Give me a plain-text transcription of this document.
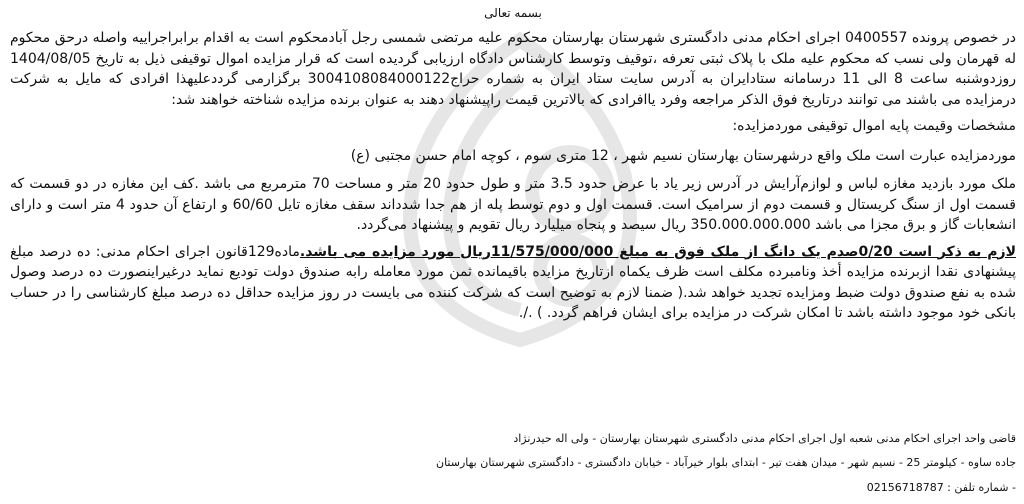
بسمه تعالی

در خصوص پرونده 0400557 اجرای احکام مدنی دادگستری شهرستان بهارستان محکوم علیه مرتضی شمسی رجل آبادمحکوم است به اقدام برابراجراییه واصله درحق محکوم له قهرمان ولی نسب که محکوم علیه ملک با پلاک ثبتی تعرفه ،توقیف وتوسط کارشناس دادگاه ارزیابی گردیده است که قرار مزایده اموال توقیفی ذیل به تاریخ 1404/08/05 روزدوشنبه ساعت 8 الی 11 درسامانه ستادایران به آدرس سایت ستاد ایران به شماره حراج3004108084000122 برگزارمی گرددعلیهذا افرادی که مایل به شرکت درمزایده می باشند می توانند درتاریخ فوق الذکر مراجعه وفرد یاافرادی که بالاترین قیمت راپیشنهاد دهند به عنوان برنده مزایده شناخته خواهند شد:

مشخصات وقیمت پایه اموال توقیفی موردمزایده:
موردمزایده عبارت است ملک واقع درشهرستان بهارستان نسیم شهر ، 12 متری سوم ، کوچه امام حسن مجتبی (ع)

ملک مورد بازدید مغازه لباس و لوازم‌آرایش در آدرس زیر یاد با عرض حدود 3.5 متر و طول حدود 20 متر و مساحت 70 مترمربع می باشد .کف این مغازه در دو قسمت که قسمت اول از سنگ کریستال و قسمت دوم از سرامیک است. قسمت اول و دوم توسط پله از هم جدا شدداند سقف مغازه تایل 60/60 و ارتفاع آن حدود 4 متر است و دارای انشعابات گاز و برق مجزا می باشد 350.000.000.000 ریال سیصد و پنجاه میلیارد ریال تقویم و پیشنهاد می‌گردد.

لازم به ذکر است 0/20صدم یک دانگ از ملک فوق به مبلغ 11/575/000/000ریال مورد مزایده می باشد.ماده129قانون اجرای احکام مدنی: ده درصد مبلغ پیشنهادی نقدا ازبرنده مزایده أخذ ونامبرده مکلف است ظرف یکماه ازتاریخ مزایده باقیمانده ثمن مورد معامله رابه صندوق دولت تودیع نماید درغیراینصورت ده درصد وصول شده به نفع صندوق دولت ضبط ومزایده تجدید خواهد شد.( ضمنا لازم به توضیح است که شرکت کننده می بایست در روز مزایده حداقل ده درصد مبلغ کارشناسی را در حساب بانکی خود موجود داشته باشد تا امکان شرکت در مزایده برای ایشان فراهم گردد. ) ./.

قاضی واحد اجرای احکام مدنی شعبه اول اجرای احکام مدنی دادگستری شهرستان بهارستان - ولی اله حیدرنژاد
جاده ساوه - کیلومتر 25 - نسیم شهر - میدان هفت تیر - ابتدای بلوار خیرآباد - خیابان دادگستری - دادگستری شهرستان بهارستان
- شماره تلفن : 02156718787
